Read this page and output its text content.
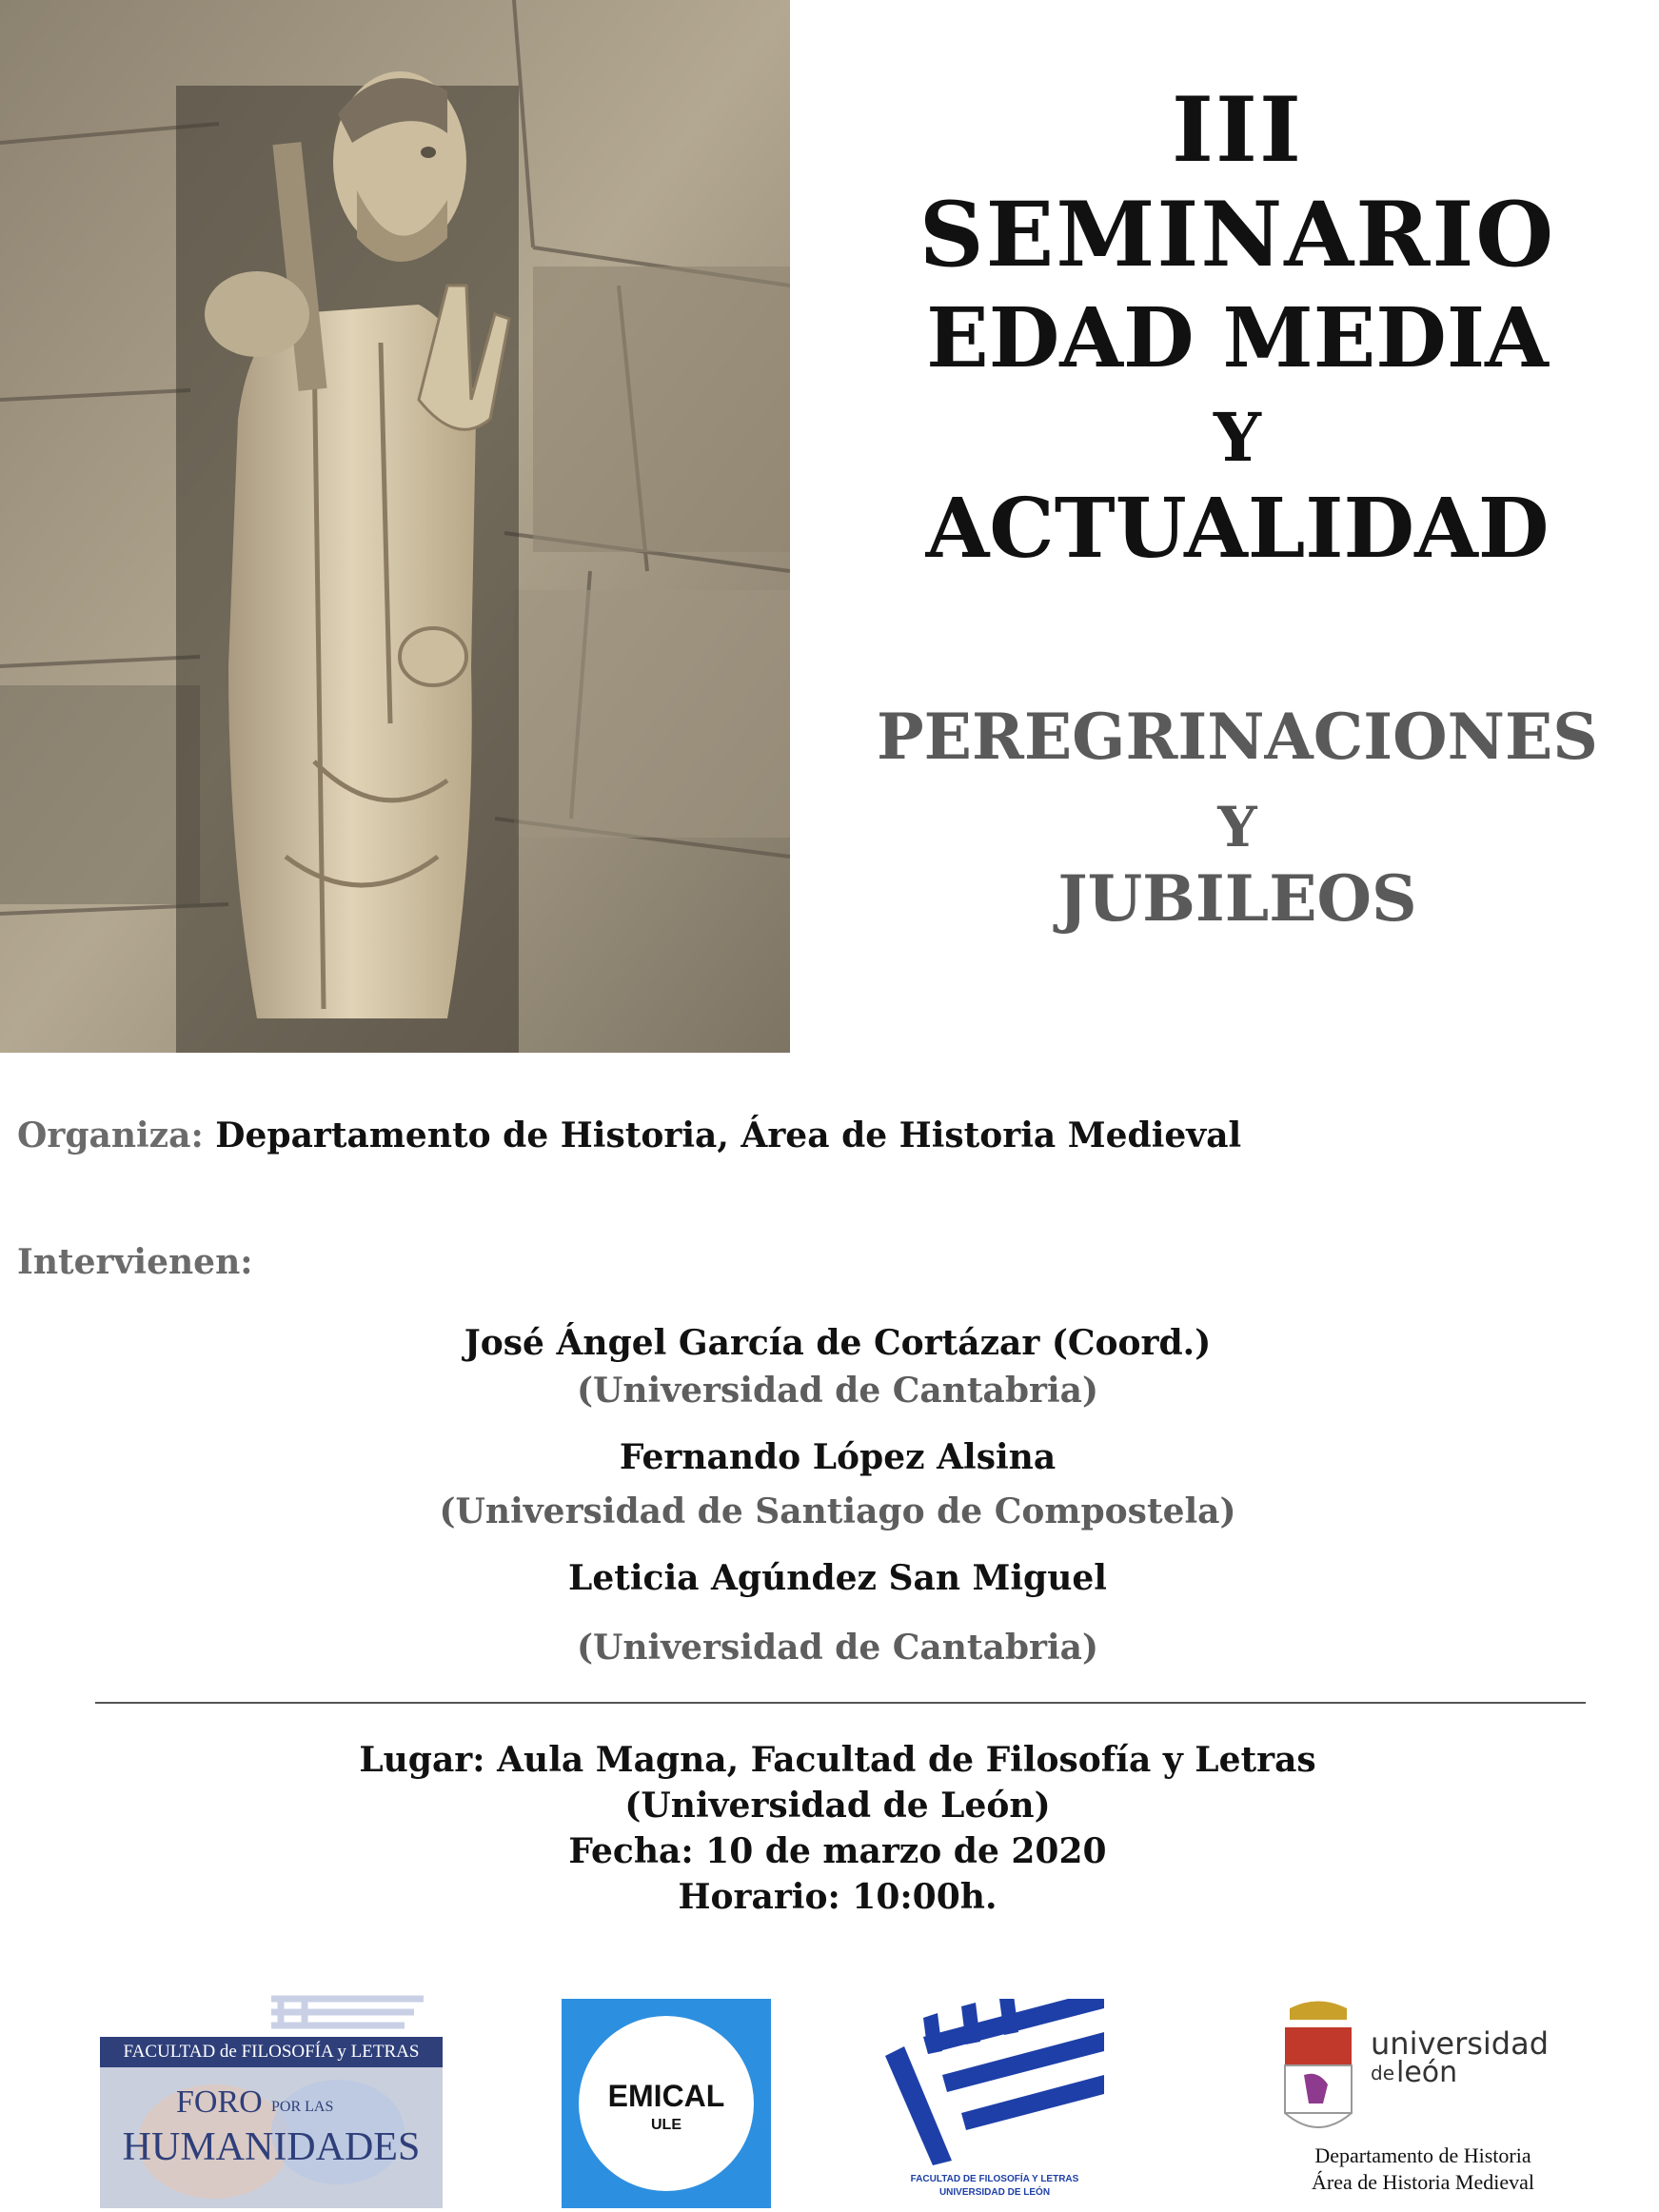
III SEMINARIO
EDAD MEDIA
Y
ACTUALIDAD
PEREGRINACIONES
Y
JUBILEOS
Organiza: Departamento de Historia, Área de Historia Medieval
Intervienen:
José Ángel García de Cortázar (Coord.)
(Universidad de Cantabria)
Fernando López Alsina
(Universidad de Santiago de Compostela)
Leticia Agúndez San Miguel
(Universidad de Cantabria)
Lugar: Aula Magna, Facultad de Filosofía y Letras
(Universidad de León)
Fecha: 10 de marzo de 2020
Horario: 10:00h.
FACULTAD de FILOSOFÍA y LETRAS
FORO POR LAS
HUMANIDADES
EMICAL
ULE
FACULTAD DE FILOSOFÍA Y LETRAS
UNIVERSIDAD DE LEÓN
universidad
de león
Departamento de Historia
Área de Historia Medieval
